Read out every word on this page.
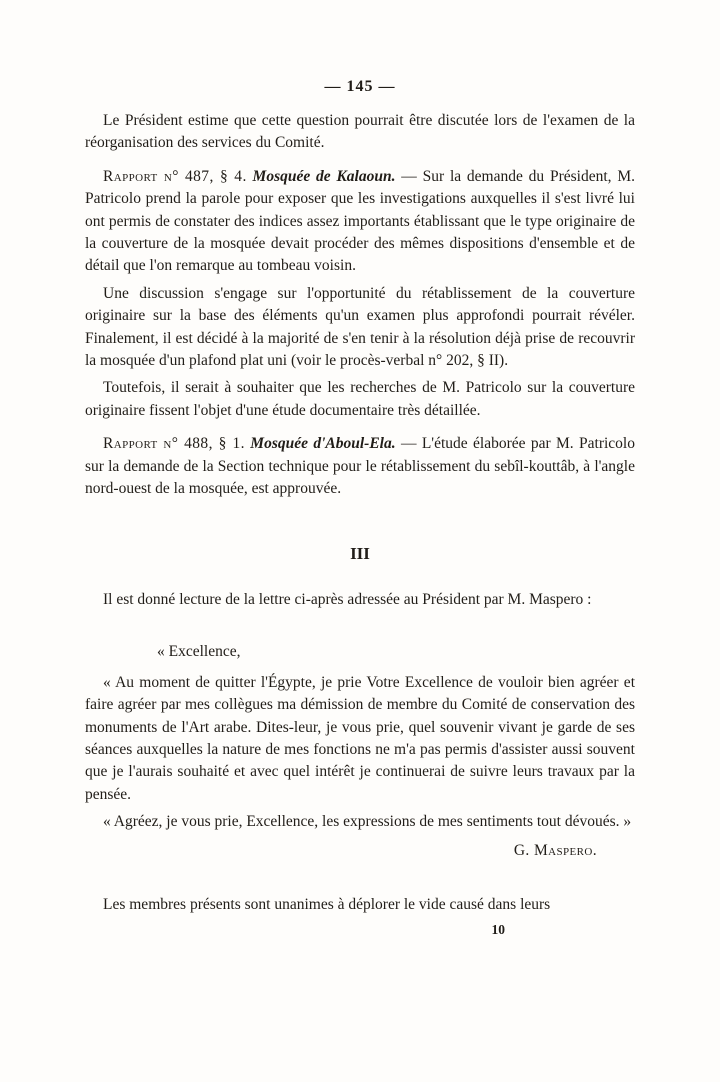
— 145 —

Le Président estime que cette question pourrait être discutée lors de l'examen de la réorganisation des services du Comité.

Rapport n° 487, § 4. Mosquée de Kalaoun. — Sur la demande du Président, M. Patricolo prend la parole pour exposer que les investigations auxquelles il s'est livré lui ont permis de constater des indices assez importants établissant que le type originaire de la couverture de la mosquée devait procéder des mêmes dispositions d'ensemble et de détail que l'on remarque au tombeau voisin.

Une discussion s'engage sur l'opportunité du rétablissement de la couverture originaire sur la base des éléments qu'un examen plus approfondi pourrait révéler. Finalement, il est décidé à la majorité de s'en tenir à la résolution déjà prise de recouvrir la mosquée d'un plafond plat uni (voir le procès-verbal n° 202, § II).

Toutefois, il serait à souhaiter que les recherches de M. Patricolo sur la couverture originaire fissent l'objet d'une étude documentaire très détaillée.

Rapport n° 488, § 1. Mosquée d'Aboul-Ela. — L'étude élaborée par M. Patricolo sur la demande de la Section technique pour le rétablissement du sebîl-kouttâb, à l'angle nord-ouest de la mosquée, est approuvée.

III

Il est donné lecture de la lettre ci-après adressée au Président par M. Maspero :

« Excellence,

« Au moment de quitter l'Égypte, je prie Votre Excellence de vouloir bien agréer et faire agréer par mes collègues ma démission de membre du Comité de conservation des monuments de l'Art arabe. Dites-leur, je vous prie, quel souvenir vivant je garde de ses séances auxquelles la nature de mes fonctions ne m'a pas permis d'assister aussi souvent que je l'aurais souhaité et avec quel intérêt je continuerai de suivre leurs travaux par la pensée.

« Agréez, je vous prie, Excellence, les expressions de mes sentiments tout dévoués. »

G. Maspero.

Les membres présents sont unanimes à déplorer le vide causé dans leurs

10
